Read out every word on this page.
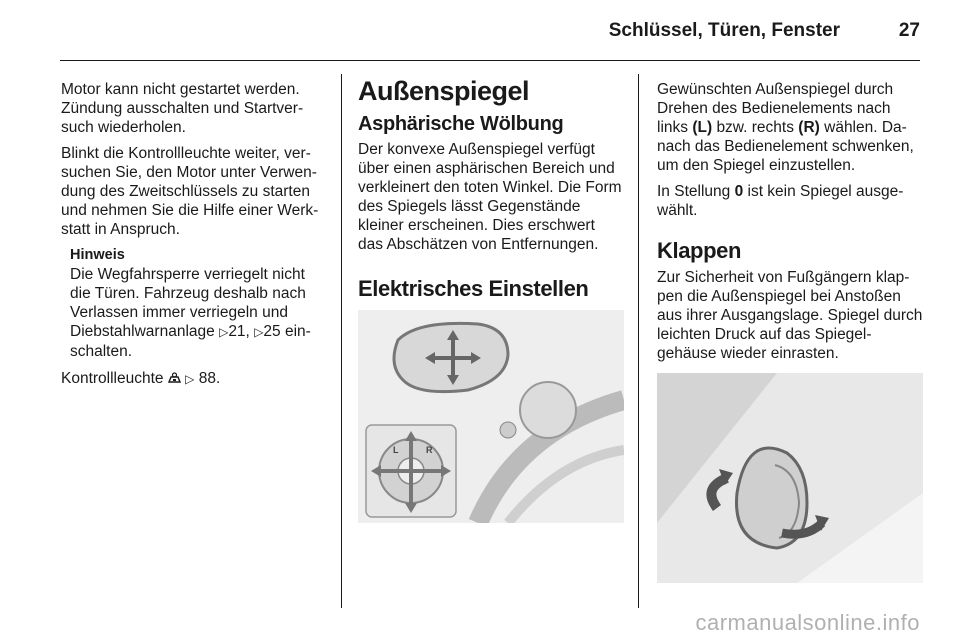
Schlüssel, Türen, Fenster	27

Motor kann nicht gestartet werden. Zündung ausschalten und Startversuch wiederholen.

Blinkt die Kontrollleuchte weiter, versuchen Sie, den Motor unter Verwendung des Zweitschlüssels zu starten und nehmen Sie die Hilfe einer Werkstatt in Anspruch.

Hinweis
Die Wegfahrsperre verriegelt nicht die Türen. Fahrzeug deshalb nach Verlassen immer verriegeln und Diebstahlwarnanlage ▷21, ▷25 einschalten.

Kontrollleuchte ▷ 88.

Außenspiegel
Asphärische Wölbung

Der konvexe Außenspiegel verfügt über einen asphärischen Bereich und verkleinert den toten Winkel. Die Form des Spiegels lässt Gegenstände kleiner erscheinen. Dies erschwert das Abschätzen von Entfernungen.

Elektrisches Einstellen
L	R

Gewünschten Außenspiegel durch Drehen des Bedienelements nach links (L) bzw. rechts (R) wählen. Danach das Bedienelement schwenken, um den Spiegel einzustellen.

In Stellung 0 ist kein Spiegel ausgewählt.

Klappen

Zur Sicherheit von Fußgängern klappen die Außenspiegel bei Anstoßen aus ihrer Ausgangslage. Spiegel durch leichten Druck auf das Spiegelgehäuse wieder einrasten.

carmanualsonline.info
